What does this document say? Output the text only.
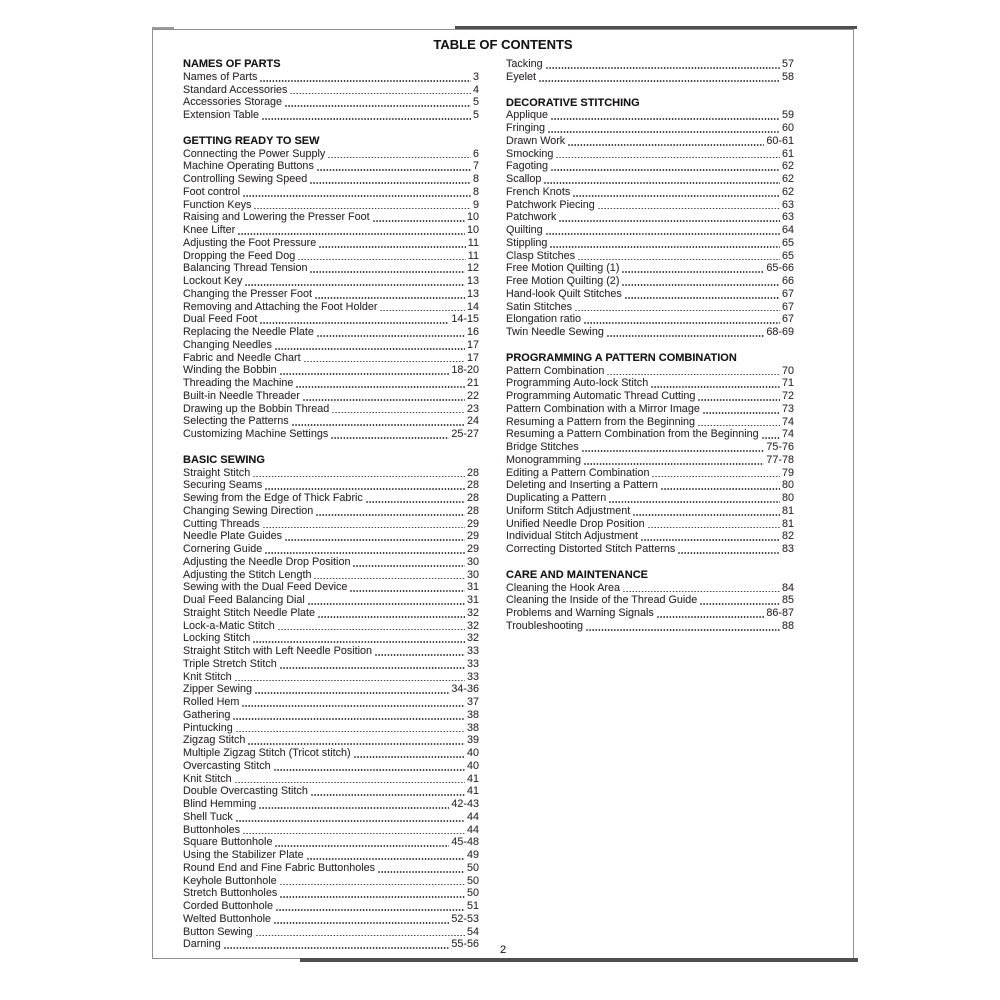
TABLE OF CONTENTS
NAMES OF PARTS
Names of Parts	3
Standard Accessories	4
Accessories Storage	5
Extension Table	5
GETTING READY TO SEW
Connecting the Power Supply	6
Machine Operating Buttons	7
Controlling Sewing Speed	8
Foot control	8
Function Keys	9
Raising and Lowering the Presser Foot	10
Knee Lifter	10
Adjusting the Foot Pressure	11
Dropping the Feed Dog	11
Balancing Thread Tension	12
Lockout Key	13
Changing the Presser Foot	13
Removing and Attaching the Foot Holder	14
Dual Feed Foot	14-15
Replacing the Needle Plate	16
Changing Needles	17
Fabric and Needle Chart	17
Winding the Bobbin	18-20
Threading the Machine	21
Built-in Needle Threader	22
Drawing up the Bobbin Thread	23
Selecting the Patterns	24
Customizing Machine Settings	25-27
BASIC SEWING
Straight Stitch	28
Securing Seams	28
Sewing from the Edge of Thick Fabric	28
Changing Sewing Direction	28
Cutting Threads	29
Needle Plate Guides	29
Cornering Guide	29
Adjusting the Needle Drop Position	30
Adjusting the Stitch Length	30
Sewing with the Dual Feed Device	31
Dual Feed Balancing Dial	31
Straight Stitch Needle Plate	32
Lock-a-Matic Stitch	32
Locking Stitch	32
Straight Stitch with Left Needle Position	33
Triple Stretch Stitch	33
Knit Stitch	33
Zipper Sewing	34-36
Rolled Hem	37
Gathering	38
Pintucking	38
Zigzag Stitch	39
Multiple Zigzag Stitch (Tricot stitch)	40
Overcasting Stitch	40
Knit Stitch	41
Double Overcasting Stitch	41
Blind Hemming	42-43
Shell Tuck	44
Buttonholes	44
Square Buttonhole	45-48
Using the Stabilizer Plate	49
Round End and Fine Fabric Buttonholes	50
Keyhole Buttonhole	50
Stretch Buttonholes	50
Corded Buttonhole	51
Welted Buttonhole	52-53
Button Sewing	54
Darning	55-56
Tacking	57
Eyelet	58
DECORATIVE STITCHING
Applique	59
Fringing	60
Drawn Work	60-61
Smocking	61
Fagoting	62
Scallop	62
French Knots	62
Patchwork Piecing	63
Patchwork	63
Quilting	64
Stippling	65
Clasp Stitches	65
Free Motion Quilting (1)	65-66
Free Motion Quilting (2)	66
Hand-look Quilt Stitches	67
Satin Stitches	67
Elongation ratio	67
Twin Needle Sewing	68-69
PROGRAMMING A PATTERN COMBINATION
Pattern Combination	70
Programming Auto-lock Stitch	71
Programming Automatic Thread Cutting	72
Pattern Combination with a Mirror Image	73
Resuming a Pattern from the Beginning	74
Resuming a Pattern Combination from the Beginning 74
Bridge Stitches	75-76
Monogramming	77-78
Editing a Pattern Combination	79
Deleting and Inserting a Pattern	80
Duplicating a Pattern	80
Uniform Stitch Adjustment	81
Unified Needle Drop Position	81
Individual Stitch Adjustment	82
Correcting Distorted Stitch Patterns	83
CARE AND MAINTENANCE
Cleaning the Hook Area	84
Cleaning the Inside of the Thread Guide	85
Problems and Warning Signals	86-87
Troubleshooting	88
2
